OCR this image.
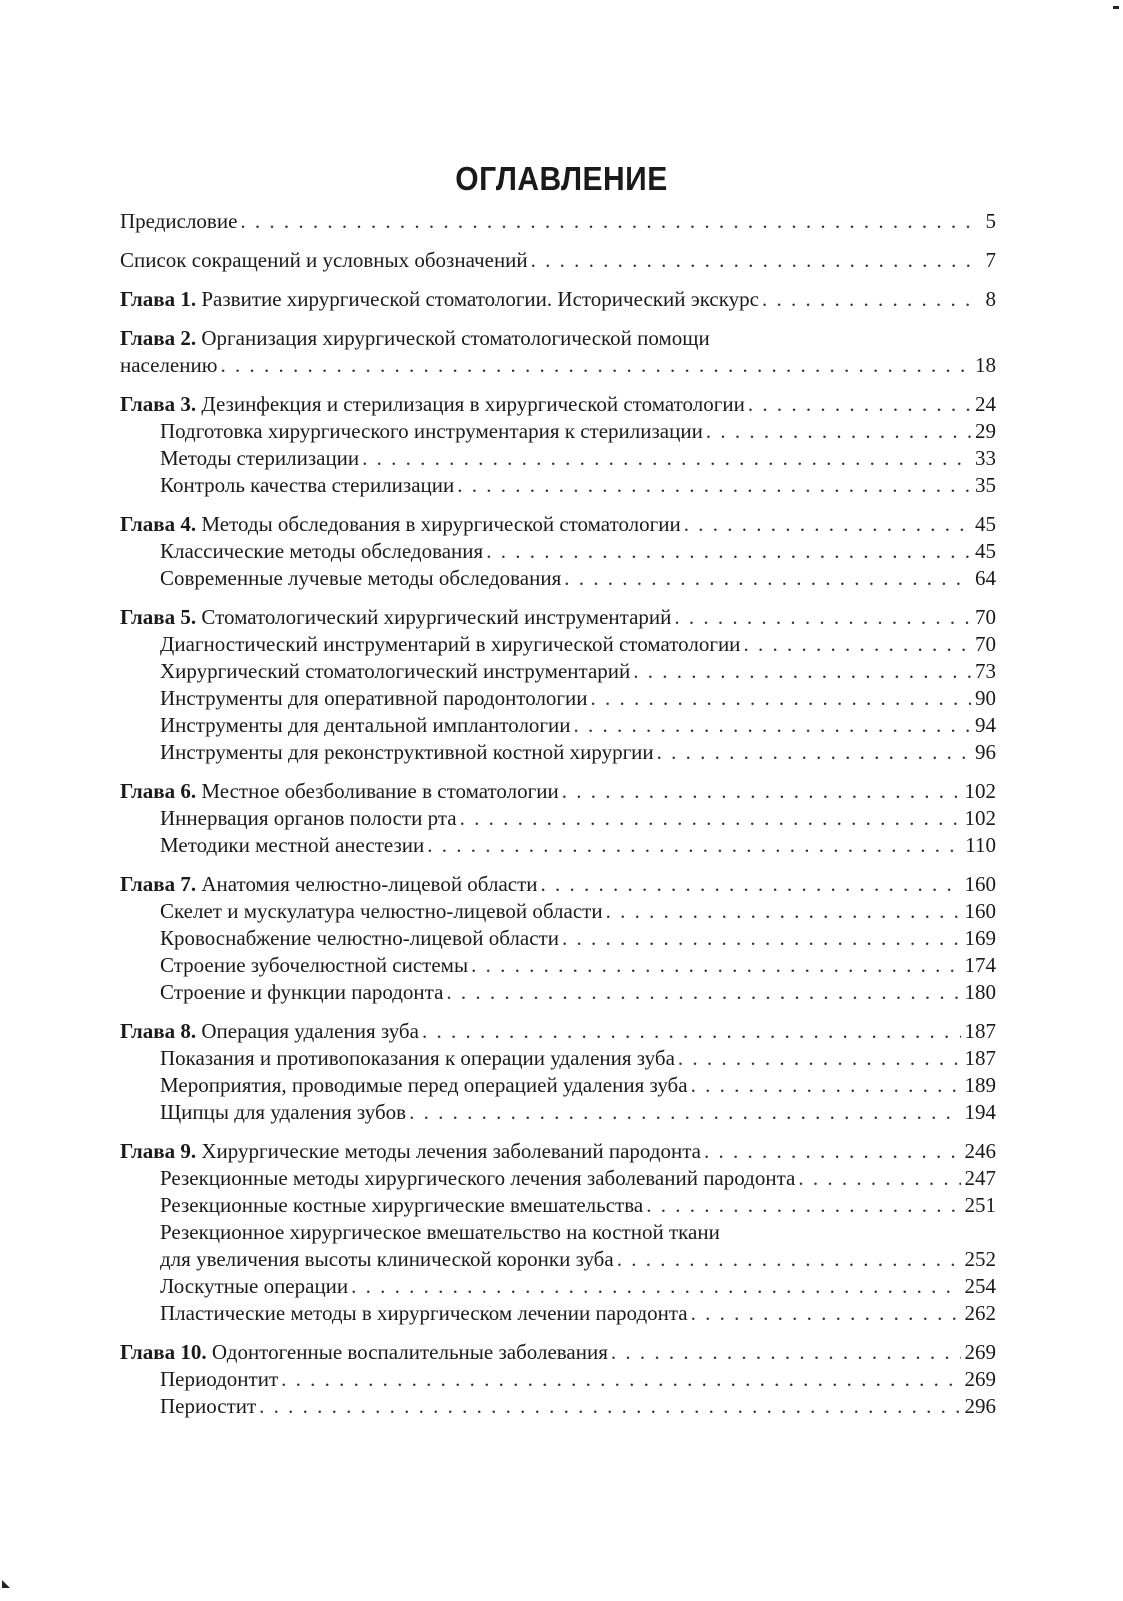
ОГЛАВЛЕНИЕ
Предисловие . . .	5
Список сокращений и условных обозначений . . .	7
Глава 1. Развитие хирургической стоматологии. Исторический экскурс . . .	8
Глава 2. Организация хирургической стоматологической помощи
населению . . .	18
Глава 3. Дезинфекция и стерилизация в хирургической стоматологии . . .	24
Подготовка хирургического инструментария к стерилизации . . .	29
Методы стерилизации . . .	33
Контроль качества стерилизации . . .	35
Глава 4. Методы обследования в хирургической стоматологии . . .	45
Классические методы обследования . . .	45
Современные лучевые методы обследования . . .	64
Глава 5. Стоматологический хирургический инструментарий . . .	70
Диагностический инструментарий в хиругической стоматологии . . .	70
Хирургический стоматологический инструментарий . . .	73
Инструменты для оперативной пародонтологии . . .	90
Инструменты для дентальной имплантологии . . .	94
Инструменты для реконструктивной костной хирургии . . .	96
Глава 6. Местное обезболивание в стоматологии . . .	102
Иннервация органов полости рта . . .	102
Методики местной анестезии . . .	110
Глава 7. Анатомия челюстно-лицевой области . . .	160
Скелет и мускулатура челюстно-лицевой области . . .	160
Кровоснабжение челюстно-лицевой области . . .	169
Строение зубочелюстной системы . . .	174
Строение и функции пародонта . . .	180
Глава 8. Операция удаления зуба . . .	187
Показания и противопоказания к операции удаления зуба . . .	187
Мероприятия, проводимые перед операцией удаления зуба . . .	189
Щипцы для удаления зубов . . .	194
Глава 9. Хирургические методы лечения заболеваний пародонта . . .	246
Резекционные методы хирургического лечения заболеваний пародонта . . .	247
Резекционные костные хирургические вмешательства . . .	251
Резекционное хирургическое вмешательство на костной ткани
для увеличения высоты клинической коронки зуба . . .	252
Лоскутные операции . . .	254
Пластические методы в хирургическом лечении пародонта . . .	262
Глава 10. Одонтогенные воспалительные заболевания . . .	269
Периодонтит . . .	269
Периостит . . .	296
